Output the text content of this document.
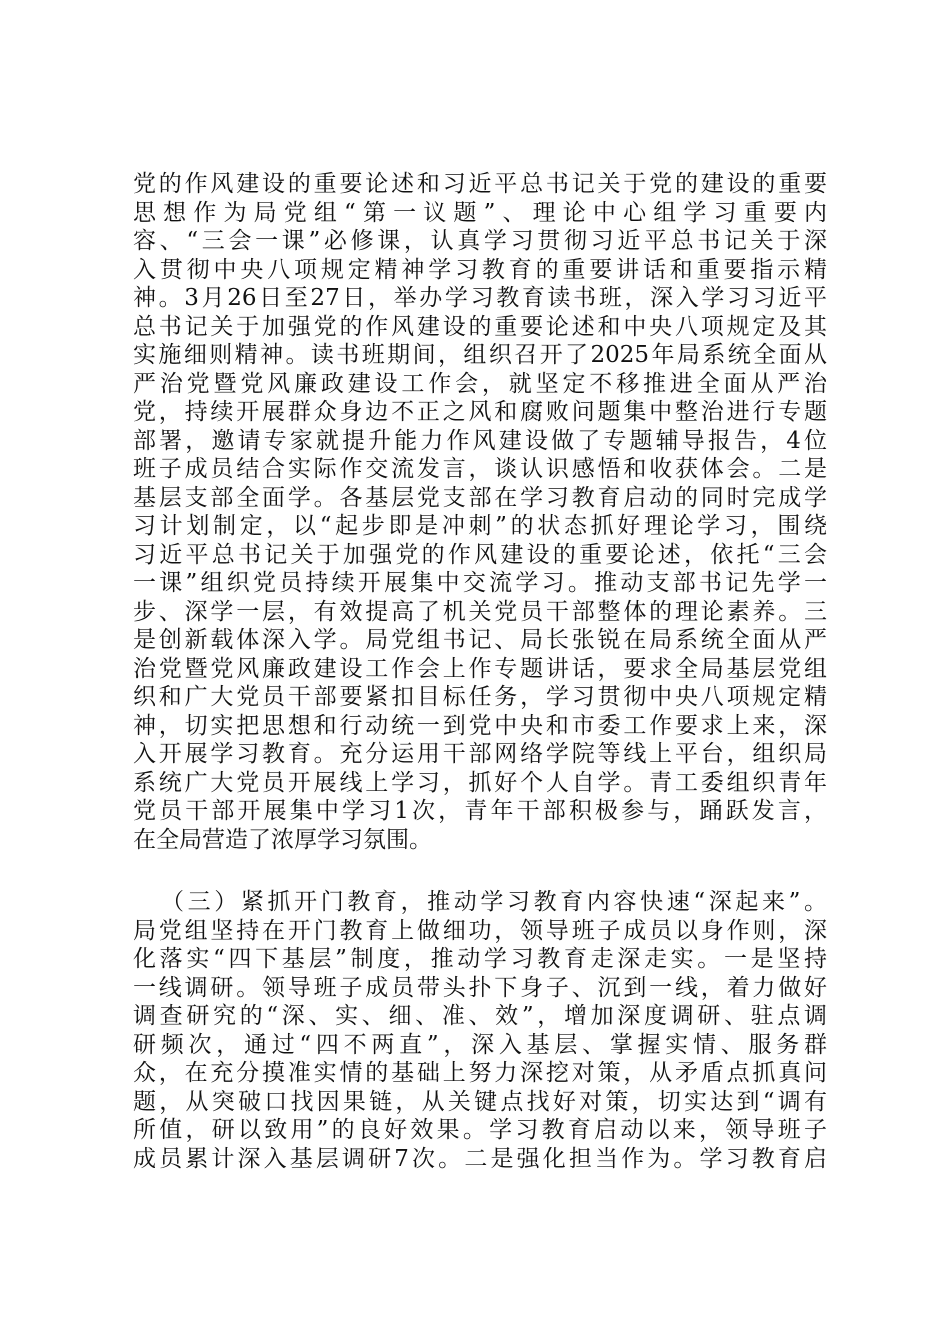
党的作风建设的重要论述和习近平总书记关于党的建设的重要
思想作为局党组“第一议题”、理论中心组学习重要内
容、“三会一课”必修课，认真学习贯彻习近平总书记关于深
入贯彻中央八项规定精神学习教育的重要讲话和重要指示精
神。3月26日至27日，举办学习教育读书班，深入学习习近平
总书记关于加强党的作风建设的重要论述和中央八项规定及其
实施细则精神。读书班期间，组织召开了2025年局系统全面从
严治党暨党风廉政建设工作会，就坚定不移推进全面从严治
党，持续开展群众身边不正之风和腐败问题集中整治进行专题
部署，邀请专家就提升能力作风建设做了专题辅导报告，4位
班子成员结合实际作交流发言，谈认识感悟和收获体会。二是
基层支部全面学。各基层党支部在学习教育启动的同时完成学
习计划制定，以“起步即是冲刺”的状态抓好理论学习，围绕
习近平总书记关于加强党的作风建设的重要论述，依托“三会
一课”组织党员持续开展集中交流学习。推动支部书记先学一
步、深学一层，有效提高了机关党员干部整体的理论素养。三
是创新载体深入学。局党组书记、局长张锐在局系统全面从严
治党暨党风廉政建设工作会上作专题讲话，要求全局基层党组
织和广大党员干部要紧扣目标任务，学习贯彻中央八项规定精
神，切实把思想和行动统一到党中央和市委工作要求上来，深
入开展学习教育。充分运用干部网络学院等线上平台，组织局
系统广大党员开展线上学习，抓好个人自学。青工委组织青年
党员干部开展集中学习1次，青年干部积极参与，踊跃发言，
在全局营造了浓厚学习氛围。
（三）紧抓开门教育，推动学习教育内容快速“深起来”。
局党组坚持在开门教育上做细功，领导班子成员以身作则，深
化落实“四下基层”制度，推动学习教育走深走实。一是坚持
一线调研。领导班子成员带头扑下身子、沉到一线，着力做好
调查研究的“深、实、细、准、效”，增加深度调研、驻点调
研频次，通过“四不两直”，深入基层、掌握实情、服务群
众，在充分摸准实情的基础上努力深挖对策，从矛盾点抓真问
题，从突破口找因果链，从关键点找好对策，切实达到“调有
所值，研以致用”的良好效果。学习教育启动以来，领导班子
成员累计深入基层调研7次。二是强化担当作为。学习教育启
